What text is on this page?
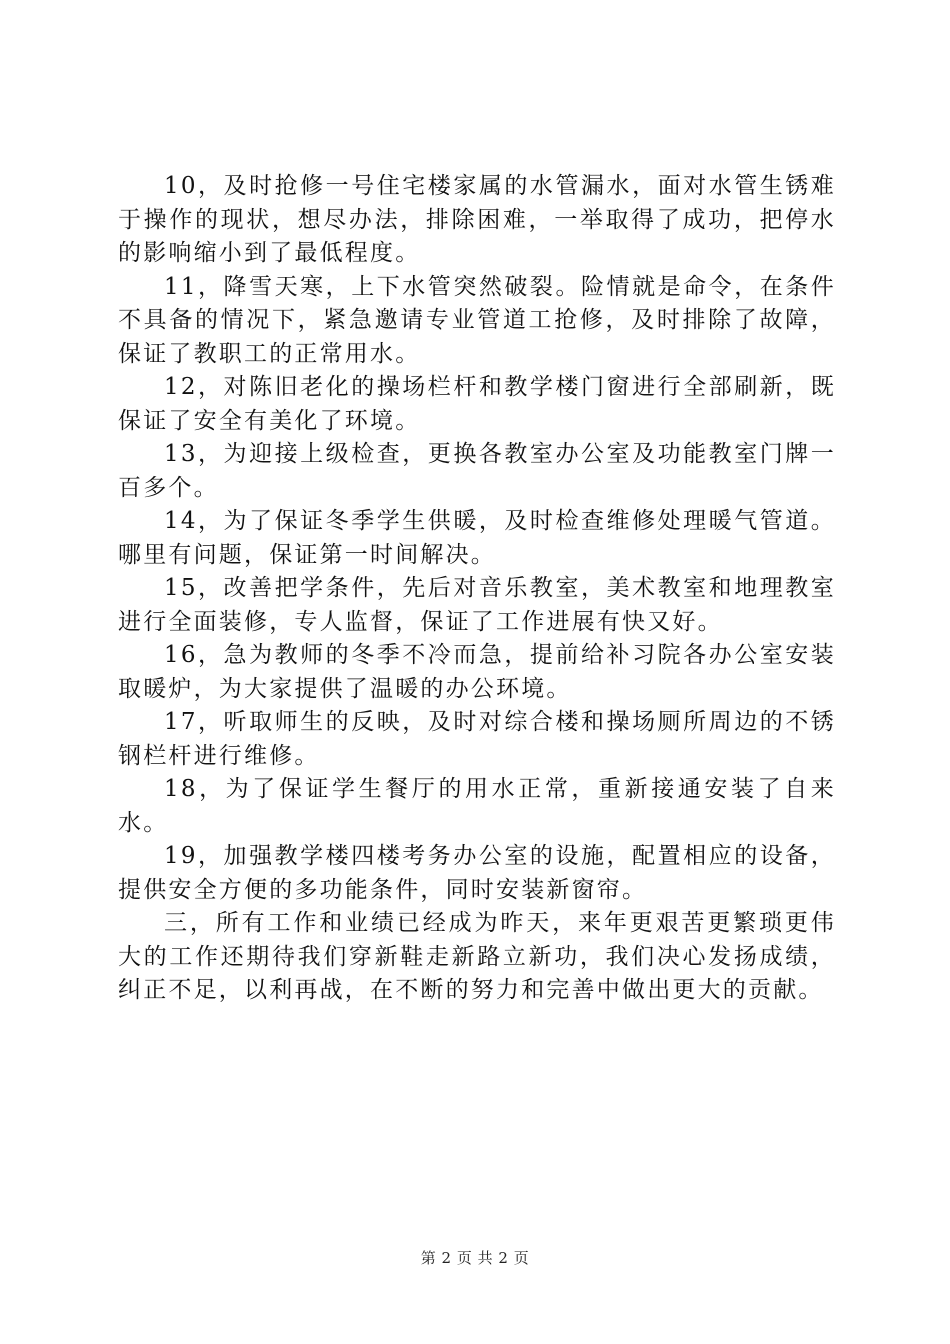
10，及时抢修一号住宅楼家属的水管漏水，面对水管生锈难于操作的现状，想尽办法，排除困难，一举取得了成功，把停水的影响缩小到了最低程度。

11，降雪天寒，上下水管突然破裂。险情就是命令，在条件不具备的情况下，紧急邀请专业管道工抢修，及时排除了故障，保证了教职工的正常用水。

12，对陈旧老化的操场栏杆和教学楼门窗进行全部刷新，既保证了安全有美化了环境。

13，为迎接上级检查，更换各教室办公室及功能教室门牌一百多个。

14，为了保证冬季学生供暖，及时检查维修处理暖气管道。哪里有问题，保证第一时间解决。

15，改善把学条件，先后对音乐教室，美术教室和地理教室进行全面装修，专人监督，保证了工作进展有快又好。

16，急为教师的冬季不冷而急，提前给补习院各办公室安装取暖炉，为大家提供了温暖的办公环境。

17，听取师生的反映，及时对综合楼和操场厕所周边的不锈钢栏杆进行维修。

18，为了保证学生餐厅的用水正常，重新接通安装了自来水。

19，加强教学楼四楼考务办公室的设施，配置相应的设备，提供安全方便的多功能条件，同时安装新窗帘。

三，所有工作和业绩已经成为昨天，来年更艰苦更繁琐更伟大的工作还期待我们穿新鞋走新路立新功，我们决心发扬成绩，纠正不足，以利再战，在不断的努力和完善中做出更大的贡献。

第 2 页 共 2 页
